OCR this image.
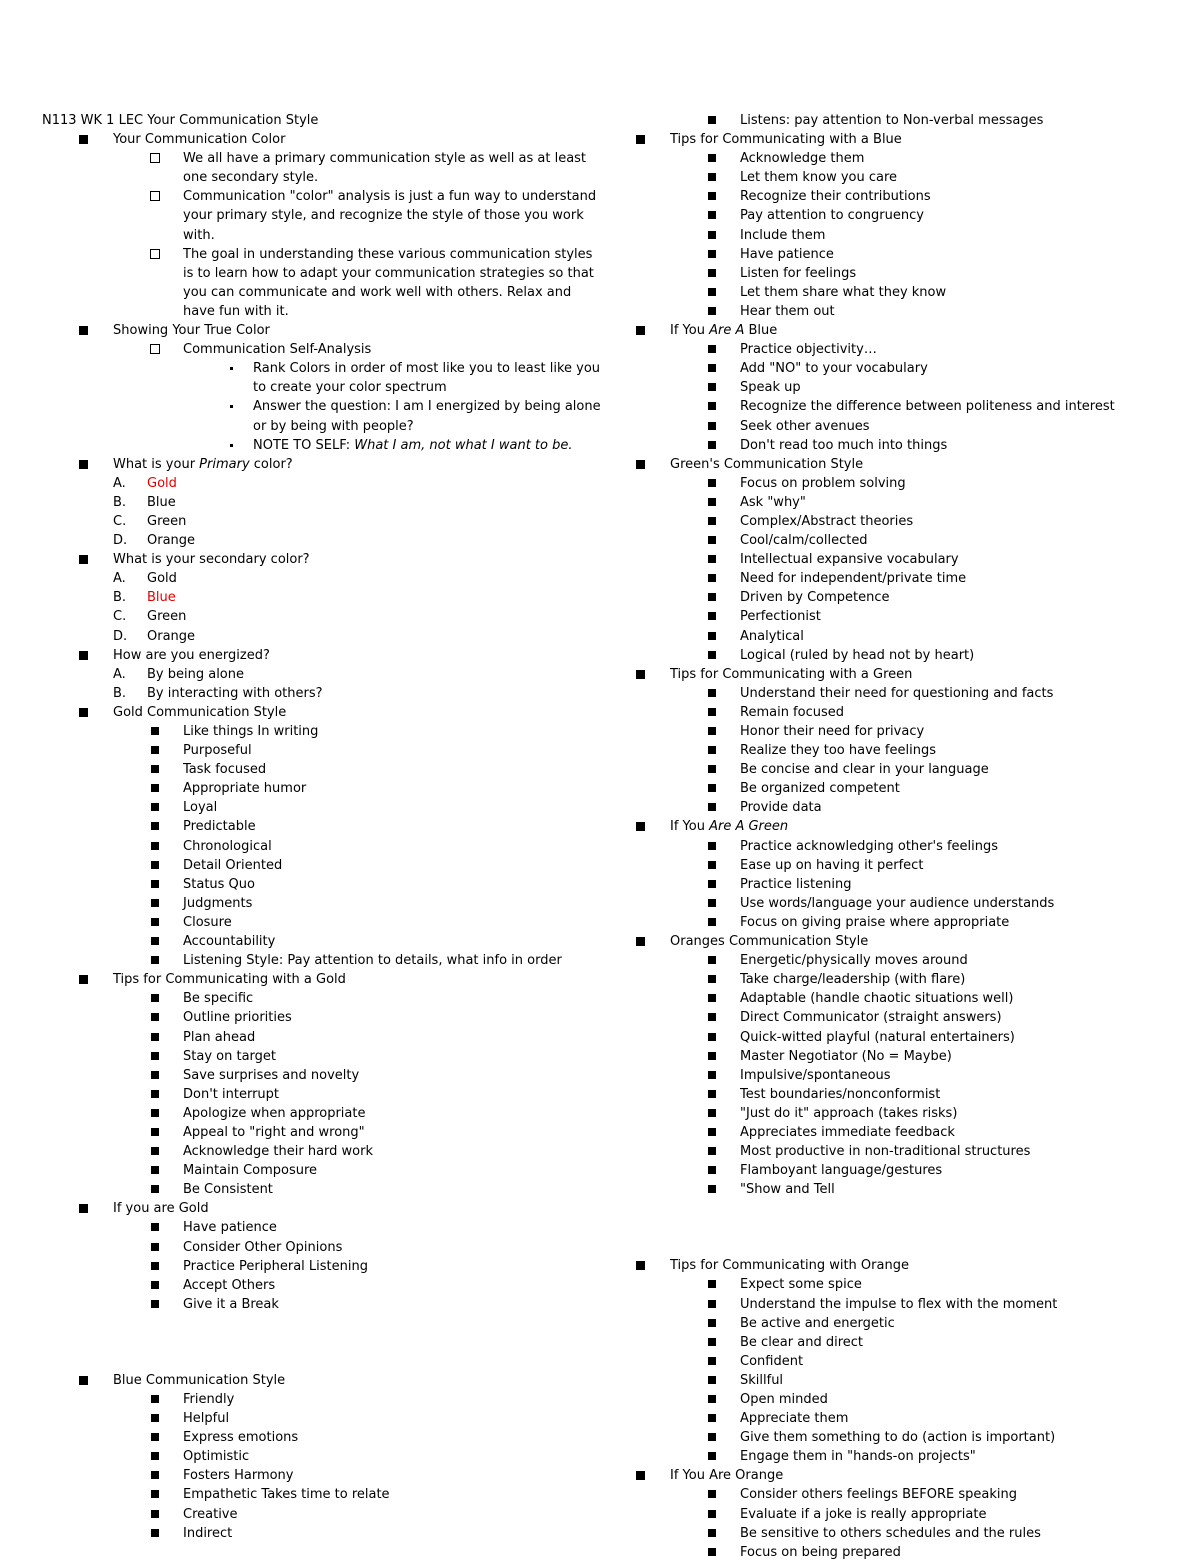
N113 WK 1 LEC Your Communication Style
Your Communication Color
We all have a primary communication style as well as at least one secondary style.
Communication "color" analysis is just a fun way to understand your primary style, and recognize the style of those you work with.
The goal in understanding these various communication styles is to learn how to adapt your communication strategies so that you can communicate and work well with others. Relax and have fun with it.
Showing Your True Color
Communication Self-Analysis
Rank Colors in order of most like you to least like you to create your color spectrum
Answer the question: I am I energized by being alone or by being with people?
NOTE TO SELF: What I am, not what I want to be.
What is your Primary color?
A. Gold
B. Blue
C. Green
D. Orange
What is your secondary color?
A. Gold
B. Blue
C. Green
D. Orange
How are you energized?
A. By being alone
B. By interacting with others?
Gold Communication Style
Like things In writing
Purposeful
Task focused
Appropriate humor
Loyal
Predictable
Chronological
Detail Oriented
Status Quo
Judgments
Closure
Accountability
Listening Style: Pay attention to details, what info in order
Tips for Communicating with a Gold
Be specific
Outline priorities
Plan ahead
Stay on target
Save surprises and novelty
Don't interrupt
Apologize when appropriate
Appeal to "right and wrong"
Acknowledge their hard work
Maintain Composure
Be Consistent
If you are Gold
Have patience
Consider Other Opinions
Practice Peripheral Listening
Accept Others
Give it a Break
Blue Communication Style
Friendly
Helpful
Express emotions
Optimistic
Fosters Harmony
Empathetic Takes time to relate
Creative
Indirect
Listens: pay attention to Non-verbal messages
Tips for Communicating with a Blue
Acknowledge them
Let them know you care
Recognize their contributions
Pay attention to congruency
Include them
Have patience
Listen for feelings
Let them share what they know
Hear them out
If You Are A Blue
Practice objectivity…
Add "NO" to your vocabulary
Speak up
Recognize the difference between politeness and interest
Seek other avenues
Don't read too much into things
Green's Communication Style
Focus on problem solving
Ask "why"
Complex/Abstract theories
Cool/calm/collected
Intellectual expansive vocabulary
Need for independent/private time
Driven by Competence
Perfectionist
Analytical
Logical (ruled by head not by heart)
Tips for Communicating with a Green
Understand their need for questioning and facts
Remain focused
Honor their need for privacy
Realize they too have feelings
Be concise and clear in your language
Be organized competent
Provide data
If You Are A Green
Practice acknowledging other's feelings
Ease up on having it perfect
Practice listening
Use words/language your audience understands
Focus on giving praise where appropriate
Oranges Communication Style
Energetic/physically moves around
Take charge/leadership (with flare)
Adaptable (handle chaotic situations well)
Direct Communicator (straight answers)
Quick-witted playful (natural entertainers)
Master Negotiator (No = Maybe)
Impulsive/spontaneous
Test boundaries/nonconformist
"Just do it" approach (takes risks)
Appreciates immediate feedback
Most productive in non-traditional structures
Flamboyant language/gestures
"Show and Tell
Tips for Communicating with Orange
Expect some spice
Understand the impulse to flex with the moment
Be active and energetic
Be clear and direct
Confident
Skillful
Open minded
Appreciate them
Give them something to do (action is important)
Engage them in "hands-on projects"
If You Are Orange
Consider others feelings BEFORE speaking
Evaluate if a joke is really appropriate
Be sensitive to others schedules and the rules
Focus on being prepared
